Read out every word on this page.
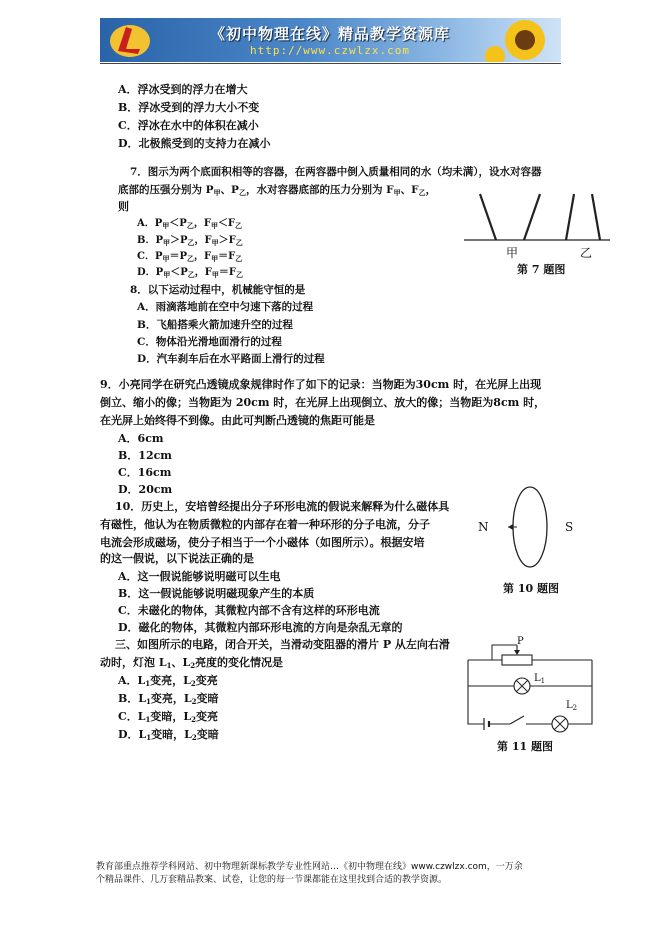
《初中物理在线》精品教学资源库
http://www.czwlzx.com
A．浮冰受到的浮力在增大
B．浮冰受到的浮力大小不变
C．浮冰在水中的体积在减小
D．北极熊受到的支持力在减小
7．图示为两个底面积相等的容器，在两容器中倒入质量相同的水（均未满），设水对容器
底部的压强分别为 $P_甲$、$P_乙$，水对容器底部的压力分别为 $F_甲$、$F_乙$，
则
A．$P_甲<P_乙$，$F_甲<F_乙$
B．$P_甲>P_乙$，$F_甲>F_乙$
C．$P_甲=P_乙$，$F_甲=F_乙$
D．$P_甲<P_乙$，$F_甲=F_乙$
甲	乙
第 7 题图
8．以下运动过程中，机械能守恒的是
A．雨滴落地前在空中匀速下落的过程
B．飞船搭乘火箭加速升空的过程
C．物体沿光滑地面滑行的过程
D．汽车刹车后在水平路面上滑行的过程
9．小亮同学在研究凸透镜成象规律时作了如下的记录：当物距为30cm 时，在光屏上出现
倒立、缩小的像；当物距为 20cm 时，在光屏上出现倒立、放大的像；当物距为8cm 时，
在光屏上始终得不到像。由此可判断凸透镜的焦距可能是
A．6cm
B．12cm
C．16cm
D．20cm
10．历史上，安培曾经提出分子环形电流的假说来解释为什么磁体具
有磁性，他认为在物质微粒的内部存在着一种环形的分子电流，分子
电流会形成磁场，使分子相当于一个小磁体（如图所示）。根据安培
的这一假说，以下说法正确的是
A．这一假说能够说明磁可以生电
B．这一假说能够说明磁现象产生的本质
C．未磁化的物体，其微粒内部不含有这样的环形电流
D．磁化的物体，其微粒内部环形电流的方向是杂乱无章的
N	S
第 10 题图
三、如图所示的电路，闭合开关，当滑动变阻器的滑片 P 从左向右滑
动时，灯泡 $L_1$、$L_2$亮度的变化情况是
A．$L_1$变亮，$L_2$变亮
B．$L_1$变亮，$L_2$变暗
C．$L_1$变暗，$L_2$变亮
D．$L_1$变暗，$L_2$变暗
P
$L_1$
$L_2$
第 11 题图
教育部重点推荐学科网站、初中物理新课标教学专业性网站…《初中物理在线》www.czwlzx.com，一万余
个精品课件、几万套精品教案、试卷，让您的每一节课都能在这里找到合适的教学资源。
